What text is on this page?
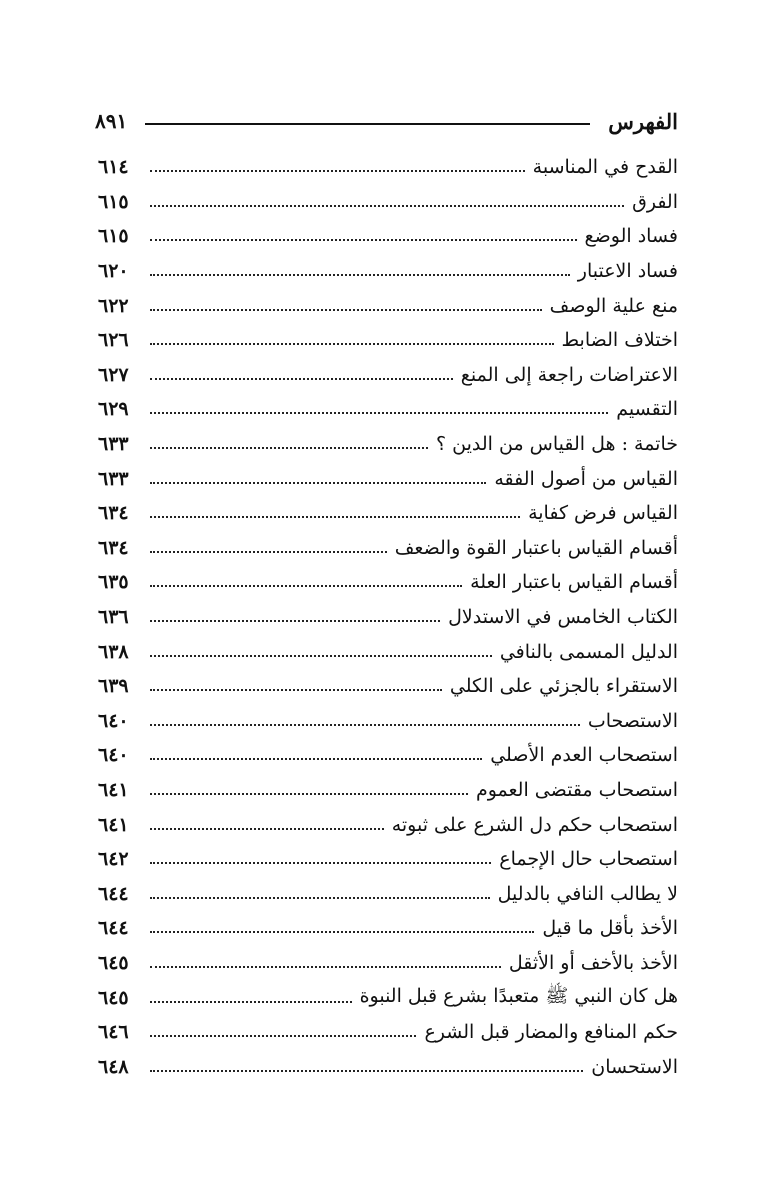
الفهرس
٨٩١
القدح في المناسبة
٦١٤
الفرق
٦١٥
فساد الوضع
٦١٥
فساد الاعتبار
٦٢٠
منع علية الوصف
٦٢٢
اختلاف الضابط
٦٢٦
الاعتراضات راجعة إلى المنع
٦٢٧
التقسيم
٦٢٩
خاتمة : هل القياس من الدين ؟
٦٣٣
القياس من أصول الفقه
٦٣٣
القياس فرض كفاية
٦٣٤
أقسام القياس باعتبار القوة والضعف
٦٣٤
أقسام القياس باعتبار العلة
٦٣٥
الكتاب الخامس في الاستدلال
٦٣٦
الدليل المسمى بالنافي
٦٣٨
الاستقراء بالجزئي على الكلي
٦٣٩
الاستصحاب
٦٤٠
استصحاب العدم الأصلي
٦٤٠
استصحاب مقتضى العموم
٦٤١
استصحاب حكم دل الشرع على ثبوته
٦٤١
استصحاب حال الإجماع
٦٤٢
لا يطالب النافي بالدليل
٦٤٤
الأخذ بأقل ما قيل
٦٤٤
الأخذ بالأخف أو الأثقل
٦٤٥
هل كان النبي ﷺ متعبدًا بشرع قبل النبوة
٦٤٥
حكم المنافع والمضار قبل الشرع
٦٤٦
الاستحسان
٦٤٨
